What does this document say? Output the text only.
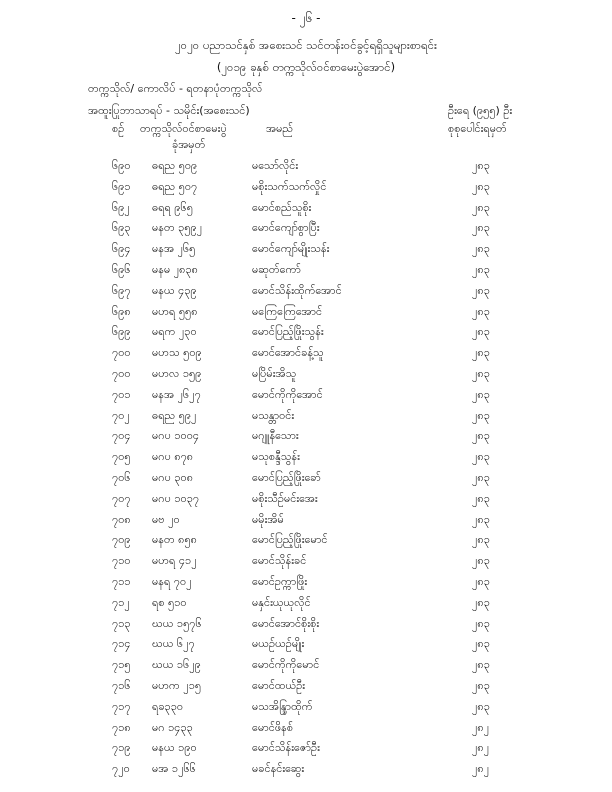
- ၂၆ -
၂၀၂၀ ပညာသင်နှစ် အစေးသင် သင်တန်းဝင်ခွင့်ရရှိသူများစာရင်း
(၂၀၁၉ ခုနှစ် တက္ကသိုလ်ဝင်စာမေးပွဲအောင်)
တက္ကသိုလ်/ ကောလိပ် - ရတနာပုံတက္ကသိုလ်
အထူးပြုဘာသာရပ် - သမိုင်း(အစေးသင်)	ဦးရေ (၉၅၅) ဦး
စဉ် တက္ကသိုလ်ဝင်စာမေးပွဲ
ခုံအမှတ်
အမည်	စုစုပေါင်းရမှတ်
၆၉၀ ဓရည ၅၀၉	မသော်လိုင်း	၂၈၃
၆၉၁ ဓရည ၅၀၇	မစိုးသက်သက်လှိုင်	၂၈၃
၆၉၂ ဓရရ ၉၆၅	မောင်စည်သူစိုး	၂၈၃
၆၉၃ မနတ ၃၅၉၂	မောင်ကျော်စွာပြီး	၂၈၃
၆၉၄ မနအ ၂၆၅	မောင်ကျော်မျိုးသန်း	၂၈၃
၆၉၆ မနမ ၂၈၃၈	မဆုတ်ကော်	၂၈၃
၆၉၇ မနယ ၄၃၉	မောင်သိန်းထိုက်အောင်	၂၈၃
၆၉၈ မဟရ ၅၅၈	မကြေကြေအောင်	၂၈၃
၆၉၉ မရက ၂၃၀	မောင်ပြည့်ဖြိုးသွန်း	၂၈၃
၇၀၀ မဟသ ၅၀၉	မောင်အောင်ခန့်သူ	၂၈၃
၇၀၀ မဟလ ၁၅၉	မပြိမ်းအိသူ	၂၈၃
၇၀၁ မနအ ၂၆၂၇	မောင်ကိုကိုအောင်	၂၈၃
၇၀၂ ဓရည ၅၉၂	မသန္တာဝင်း	၂၈၃
၇၀၄ မဂပ ၁၀၀၄	မဂျူနီသေား	၂၈၃
၇၀၅ မဂပ ၈၇၈	မသုစန္ဒီသွန်း	၂၈၃
၇၀၆ မဂပ ၃၀၈	မောင်ပြည့်ဖြိုးခော်	၂၈၃
၇၀၇ မဂပ ၁၀၃၇	မစိုးသီဉ်မင်းအေး	၂၈၃
၇၀၈ မဗ ၂၀	မမိုးအိမ်	၂၈၃
၇၀၉ မနတ ၈၅၈	မောင်ပြည့်ဖြိုးမောင်	၂၈၃
၇၁၀ မဟရ ၄၁၂	မောင်သိုန်းခင်	၂၈၃
၇၁၁ မနရ ၇၀၂	မောင်ဥက္ကာဖြိုး	၂၈၃
၇၁၂ ရစ ၅၁၀	မနှင်းယုယုလိုင်	၂၈၃
၇၁၃ ဃယ ၁၅၇၆	မောင်အောင်စိုးစိုး	၂၈၃
၇၁၄ ဃယ ၆၂၇	မယဉ်ယဉ်မျိုး	၂၈၃
၇၁၅ ဃယ ၁၆၂၉	မောင်ကိုကိုမောင်	၂၈၃
၇၁၆ မဟက ၂၁၅	မောင်ထယ်ဦး	၂၈၃
၇၁၇ ရခ၃၃၀	မသအိန္ဒြာထိုက်	၂၈၃
၇၁၈ မဂ ၁၄၃၃	မောင်ဖိနစ်	၂၈၂
၇၁၉ မနယ ၁၉၀	မောင်သိန်းဇော်ဦး	၂၈၂
၇၂၀ မအ ၁၂၆၆	မခင်နင်းဆွေး	၂၈၂
